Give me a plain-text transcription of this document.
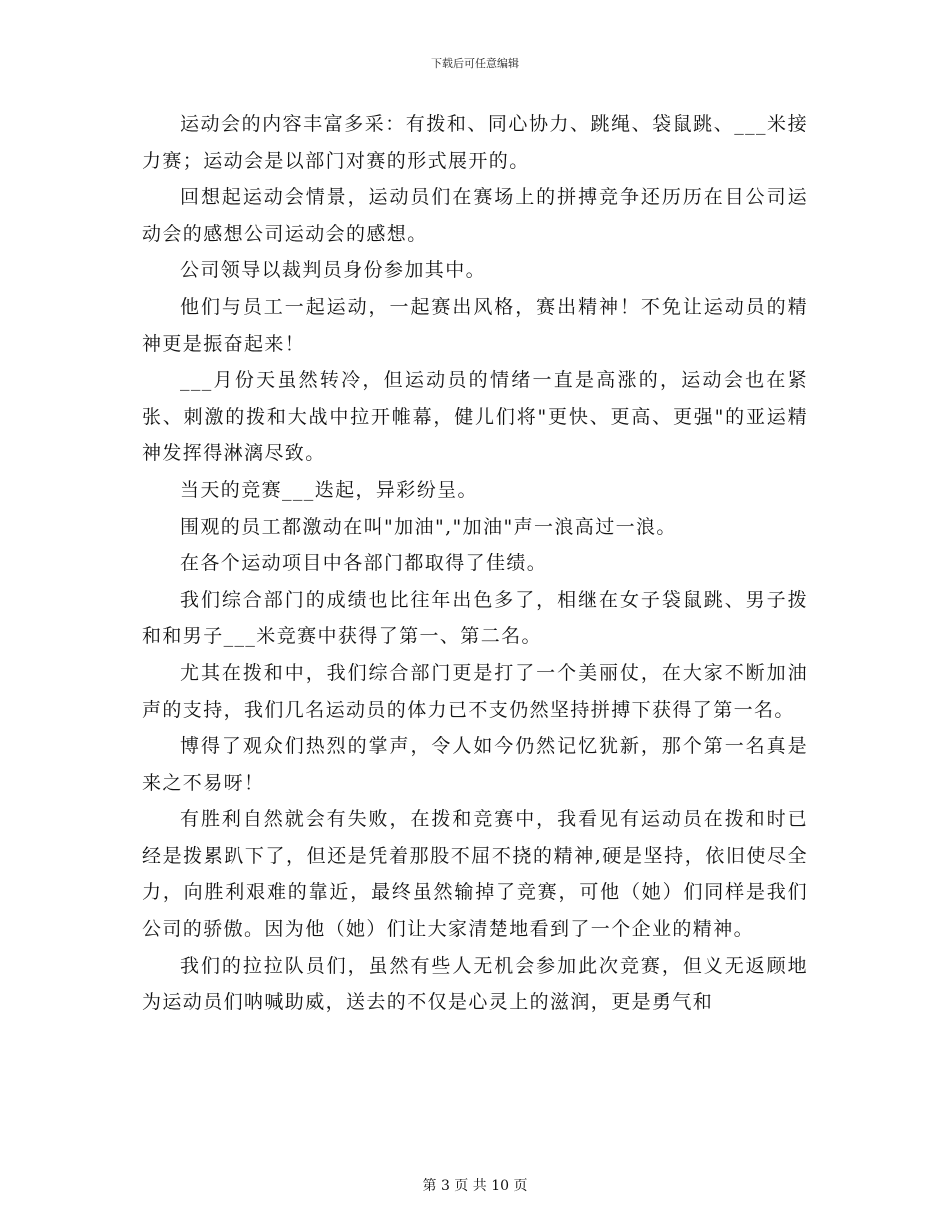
下载后可任意编辑

运动会的内容丰富多采：有拨和、同心协力、跳绳、袋鼠跳、___米接力赛；运动会是以部门对赛的形式展开的。

回想起运动会情景，运动员们在赛场上的拼搏竞争还历历在目公司运动会的感想公司运动会的感想。

公司领导以裁判员身份参加其中。

他们与员工一起运动，一起赛出风格，赛出精神！不免让运动员的精神更是振奋起来！

___月份天虽然转冷，但运动员的情绪一直是高涨的，运动会也在紧张、刺激的拨和大战中拉开帷幕，健儿们将"更快、更高、更强"的亚运精神发挥得淋漓尽致。

当天的竞赛___迭起，异彩纷呈。

围观的员工都激动在叫"加油","加油"声一浪高过一浪。

在各个运动项目中各部门都取得了佳绩。

我们综合部门的成绩也比往年出色多了，相继在女子袋鼠跳、男子拨和和男子___米竞赛中获得了第一、第二名。

尤其在拨和中，我们综合部门更是打了一个美丽仗，在大家不断加油声的支持，我们几名运动员的体力已不支仍然坚持拼搏下获得了第一名。

博得了观众们热烈的掌声，令人如今仍然记忆犹新，那个第一名真是来之不易呀！

有胜利自然就会有失败，在拨和竞赛中，我看见有运动员在拨和时已经是拨累趴下了，但还是凭着那股不屈不挠的精神,硬是坚持，依旧使尽全力，向胜利艰难的靠近，最终虽然输掉了竞赛，可他（她）们同样是我们公司的骄傲。因为他（她）们让大家清楚地看到了一个企业的精神。

我们的拉拉队员们，虽然有些人无机会参加此次竞赛，但义无返顾地为运动员们呐喊助威，送去的不仅是心灵上的滋润，更是勇气和

第 3 页 共 10 页
